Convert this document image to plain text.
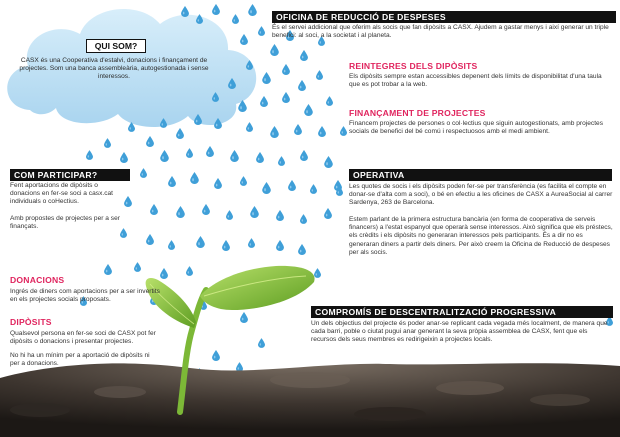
QUI SOM?
CASX és una Cooperativa d'estalvi, donacions i finançament de projectes. Som una banca assembleària, autogestionada i sense interessos.
OFICINA DE REDUCCIÓ DE DESPESES
És el servei addicional que oferim als socis que fan dipòsits a CASX. Ajudem a gastar menys i així generar un triple benefici: al soci, a la societat i al planeta.
REINTEGRES DELS DIPÒSITS
Els dipòsits sempre estan accessibles depenent dels límits de disponibilitat d'una taula que es pot trobar a la web.
FINANÇAMENT DE PROJECTES
Financem projectes de persones o col·lectius que siguin autogestionats, amb projectes socials de benefici del bé comú i respectuosos amb el medi ambient.
OPERATIVA
Les quotes de socis i els dipòsits poden fer-se per transferència (es facilita el compte en donar-se d'alta com a soci), o bé en efectiu a les oficines de CASX a AureaSocial al carrer Sardenya, 263 de Barcelona.
Estem parlant de la primera estructura bancària (en forma de cooperativa de serveis financers) a l'estat espanyol que operarà sense interessos. Això significa que els préstecs, els crèdits i els dipòsits no generaran interessos pels participants. És a dir no es generaran diners a partir dels diners. Per això creem la Oficina de Reducció de despeses per als socis.
COMPROMÍS DE DESCENTRALITZACIÓ PROGRESSIVA
Un dels objectius del projecte és poder anar-se replicant cada vegada més localment, de manera que cada barri, poble o ciutat pugui anar generant la seva pròpia assemblea de CASX, fent que els recursos dels seus membres es redirigeixin a projectes locals.
COM PARTICIPAR?
Fent aportacions de dipòsits o donacions en fer-se soci a casx.cat individuals o coHectius.
Amb propostes de projectes per a ser finançats.
DONACIONS
Ingrés de diners com aportacions per a ser invertits en els projectes socials proposats.
DIPÒSITS
Qualsevol persona en fer-se soci de CASX pot fer dipòsits o donacions i presentar projectes.
No hi ha un mínim per a aportació de dipòsits ni per a donacions.
